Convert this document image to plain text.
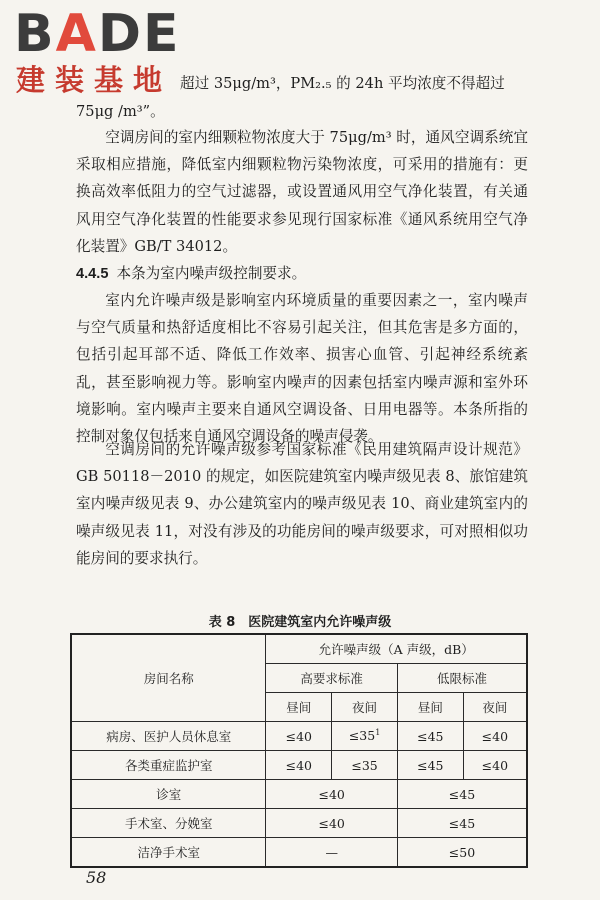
BADE
建装基地 超过 35μg/m³，PM₂.₅ 的 24h 平均浓度不得超过
75μg /m³”。

空调房间的室内细颗粒物浓度大于 75μg/m³ 时，通风空调系统宜采取相应措施，降低室内细颗粒物污染物浓度，可采用的措施有：更换高效率低阻力的空气过滤器，或设置通风用空气净化装置，有关通风用空气净化装置的性能要求参见现行国家标准《通风系统用空气净化装置》GB/T 34012。

4.4.5 本条为室内噪声级控制要求。

室内允许噪声级是影响室内环境质量的重要因素之一，室内噪声与空气质量和热舒适度相比不容易引起关注，但其危害是多方面的，包括引起耳部不适、降低工作效率、损害心血管、引起神经系统紊乱，甚至影响视力等。影响室内噪声的因素包括室内噪声源和室外环境影响。室内噪声主要来自通风空调设备、日用电器等。本条所指的控制对象仅包括来自通风空调设备的噪声侵袭。

空调房间的允许噪声级参考国家标准《民用建筑隔声设计规范》GB 50118－2010 的规定，如医院建筑室内噪声级见表 8、旅馆建筑室内噪声级见表 9、办公建筑室内的噪声级见表 10、商业建筑室内的噪声级见表 11，对没有涉及的功能房间的噪声级要求，可对照相似功能房间的要求执行。

表 8　医院建筑室内允许噪声级
房间名称	允许噪声级（A 声级，dB）			
	高要求标准		低限标准	
	昼间	夜间	昼间	夜间
病房、医护人员休息室	≤40	$\le 35^1$	≤45	≤40
各类重症监护室	≤40	≤35	≤45	≤40
诊室	≤40		≤45	
手术室、分娩室	≤40		≤45	
洁净手术室	—		≤50	
58
